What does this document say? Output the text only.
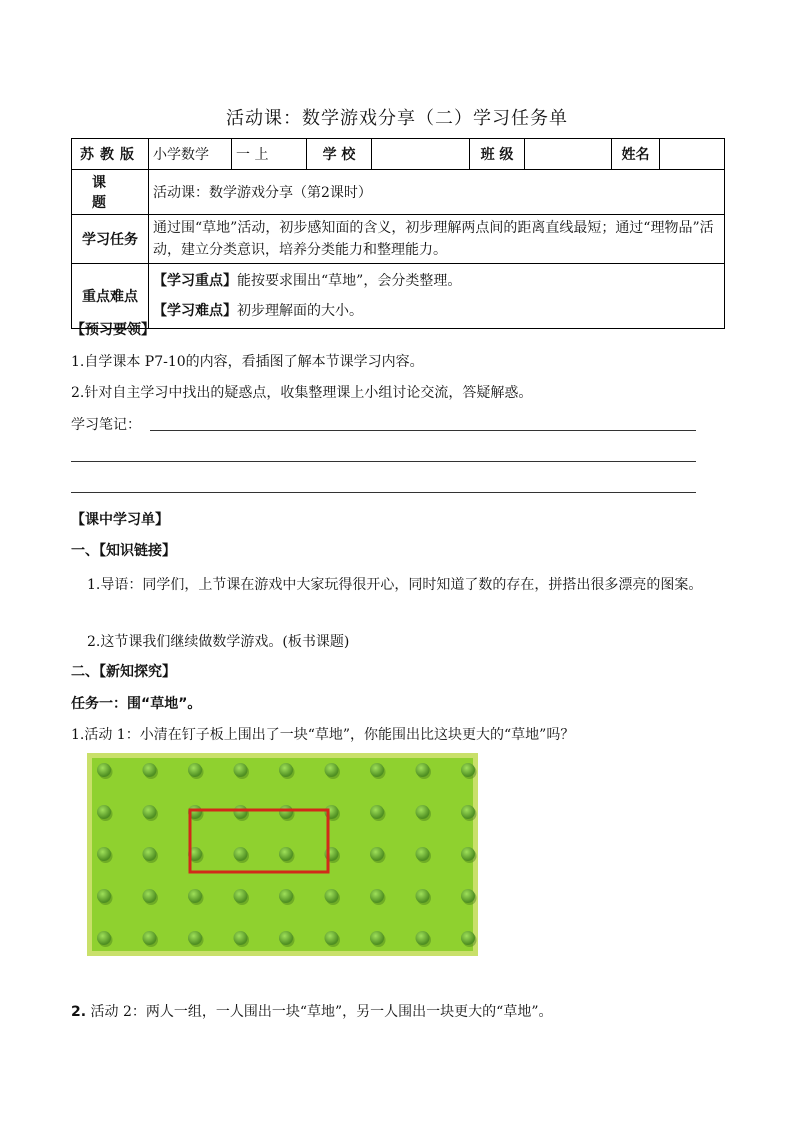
活动课：数学游戏分享（二）学习任务单
苏教版	小学数学	一 上	学 校		班 级		姓名	
课 题	活动课：数学游戏分享（第2课时）							
学习任务	通过围“草地”活动，初步感知面的含义，初步理解两点间的距离直线最短；通过“理物品”活动，建立分类意识，培养分类能力和整理能力。							
重点难点	【学习重点】能按要求围出“草地”，会分类整理。
【学习难点】初步理解面的大小。							
【预习要领】
1.自学课本 P7-10的内容，看插图了解本节课学习内容。
2.针对自主学习中找出的疑惑点，收集整理课上小组讨论交流，答疑解惑。
学习笔记：
【课中学习单】
一、【知识链接】
1.导语：同学们，上节课在游戏中大家玩得很开心，同时知道了数的存在，拼搭出很多漂亮的图案。
2.这节课我们继续做数学游戏。(板书课题)
二、【新知探究】
任务一：围“草地”。
1.活动 1：小清在钉子板上围出了一块“草地”，你能围出比这块更大的“草地”吗？
2. 活动 2：两人一组，一人围出一块“草地”，另一人围出一块更大的“草地”。
